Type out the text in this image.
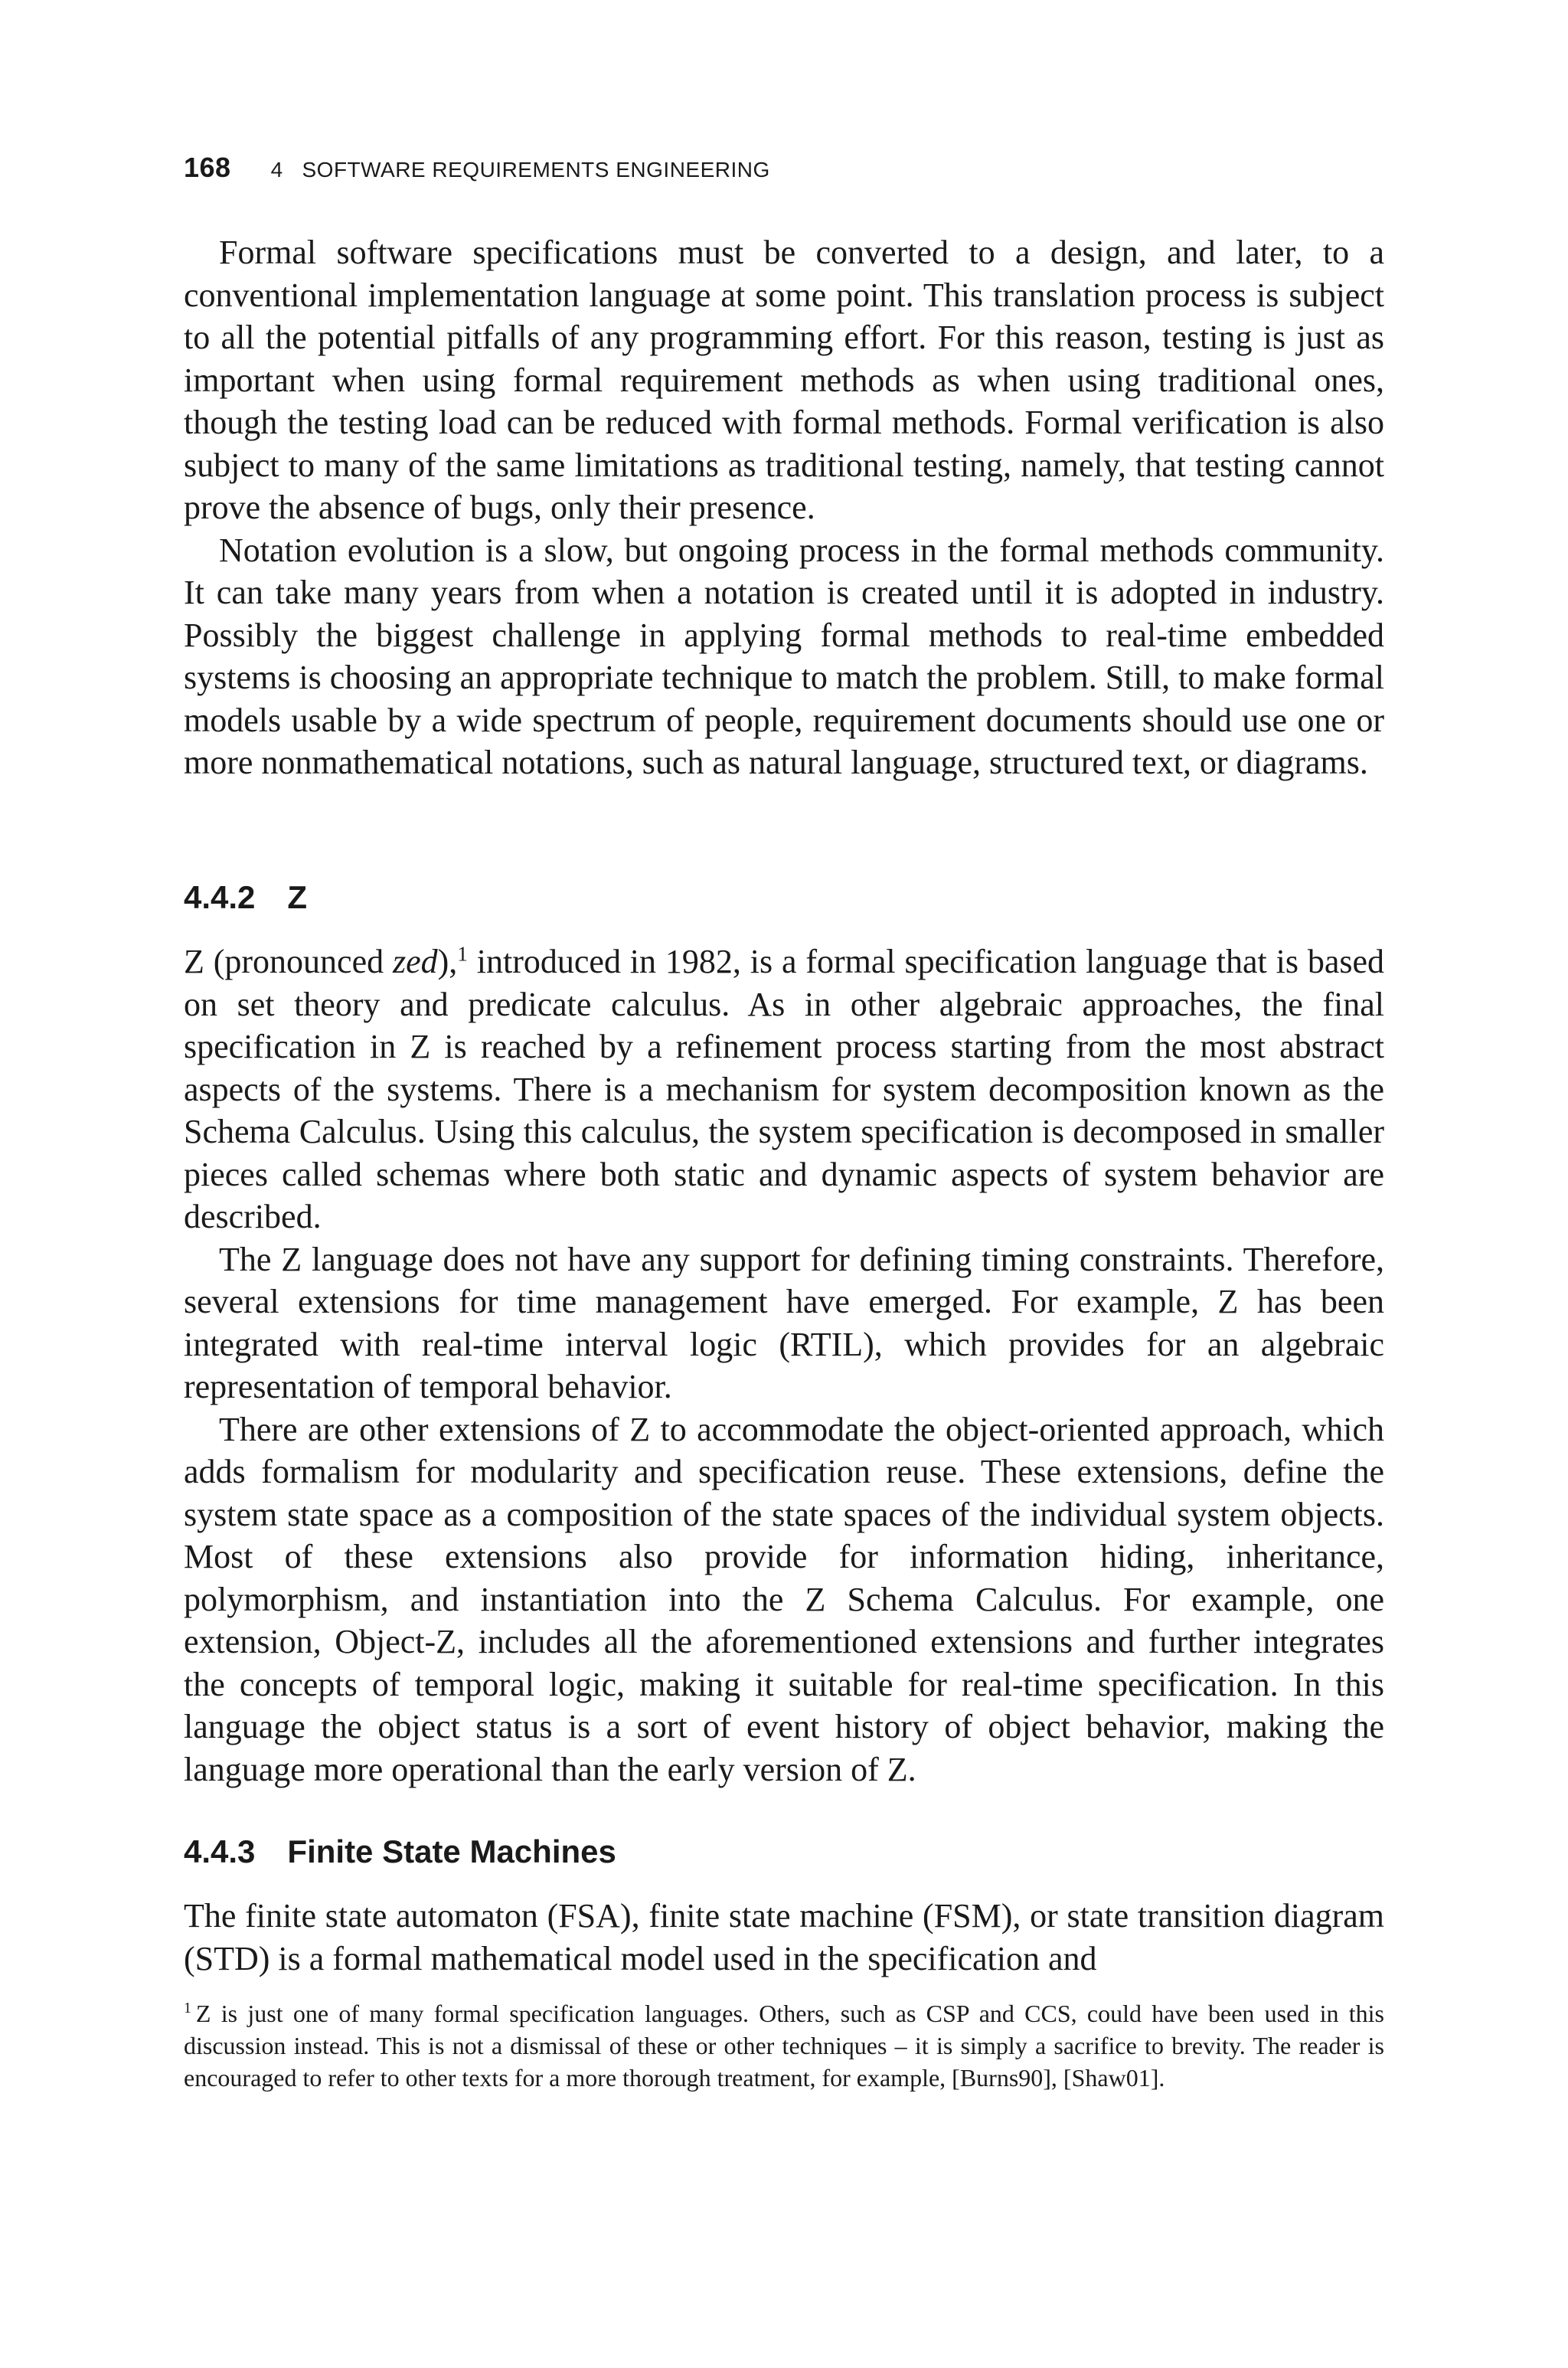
168 4   SOFTWARE REQUIREMENTS ENGINEERING

Formal software specifications must be converted to a design, and later, to a conventional implementation language at some point. This translation process is subject to all the potential pitfalls of any programming effort. For this reason, testing is just as important when using formal requirement methods as when using traditional ones, though the testing load can be reduced with formal methods. Formal verification is also subject to many of the same limitations as traditional testing, namely, that testing cannot prove the absence of bugs, only their presence.

Notation evolution is a slow, but ongoing process in the formal methods community. It can take many years from when a notation is created until it is adopted in industry. Possibly the biggest challenge in applying formal methods to real-time embedded systems is choosing an appropriate technique to match the problem. Still, to make formal models usable by a wide spectrum of people, requirement documents should use one or more nonmathematical notations, such as natural language, structured text, or diagrams.

4.4.2 Z

Z (pronounced zed),$^1$ introduced in 1982, is a formal specification language that is based on set theory and predicate calculus. As in other algebraic approaches, the final specification in Z is reached by a refinement process starting from the most abstract aspects of the systems. There is a mechanism for system decomposition known as the Schema Calculus. Using this calculus, the system specification is decomposed in smaller pieces called schemas where both static and dynamic aspects of system behavior are described.

The Z language does not have any support for defining timing constraints. Therefore, several extensions for time management have emerged. For example, Z has been integrated with real-time interval logic (RTIL), which provides for an algebraic representation of temporal behavior.

There are other extensions of Z to accommodate the object-oriented approach, which adds formalism for modularity and specification reuse. These extensions, define the system state space as a composition of the state spaces of the individual system objects. Most of these extensions also provide for information hiding, inheritance, polymorphism, and instantiation into the Z Schema Calculus. For example, one extension, Object-Z, includes all the aforementioned extensions and further integrates the concepts of temporal logic, making it suitable for real-time specification. In this language the object status is a sort of event history of object behavior, making the language more operational than the early version of Z.

4.4.3 Finite State Machines

The finite state automaton (FSA), finite state machine (FSM), or state transition diagram (STD) is a formal mathematical model used in the specification and

$^1$ Z is just one of many formal specification languages. Others, such as CSP and CCS, could have been used in this discussion instead. This is not a dismissal of these or other techniques – it is simply a sacrifice to brevity. The reader is encouraged to refer to other texts for a more thorough treatment, for example, [Burns90], [Shaw01].
